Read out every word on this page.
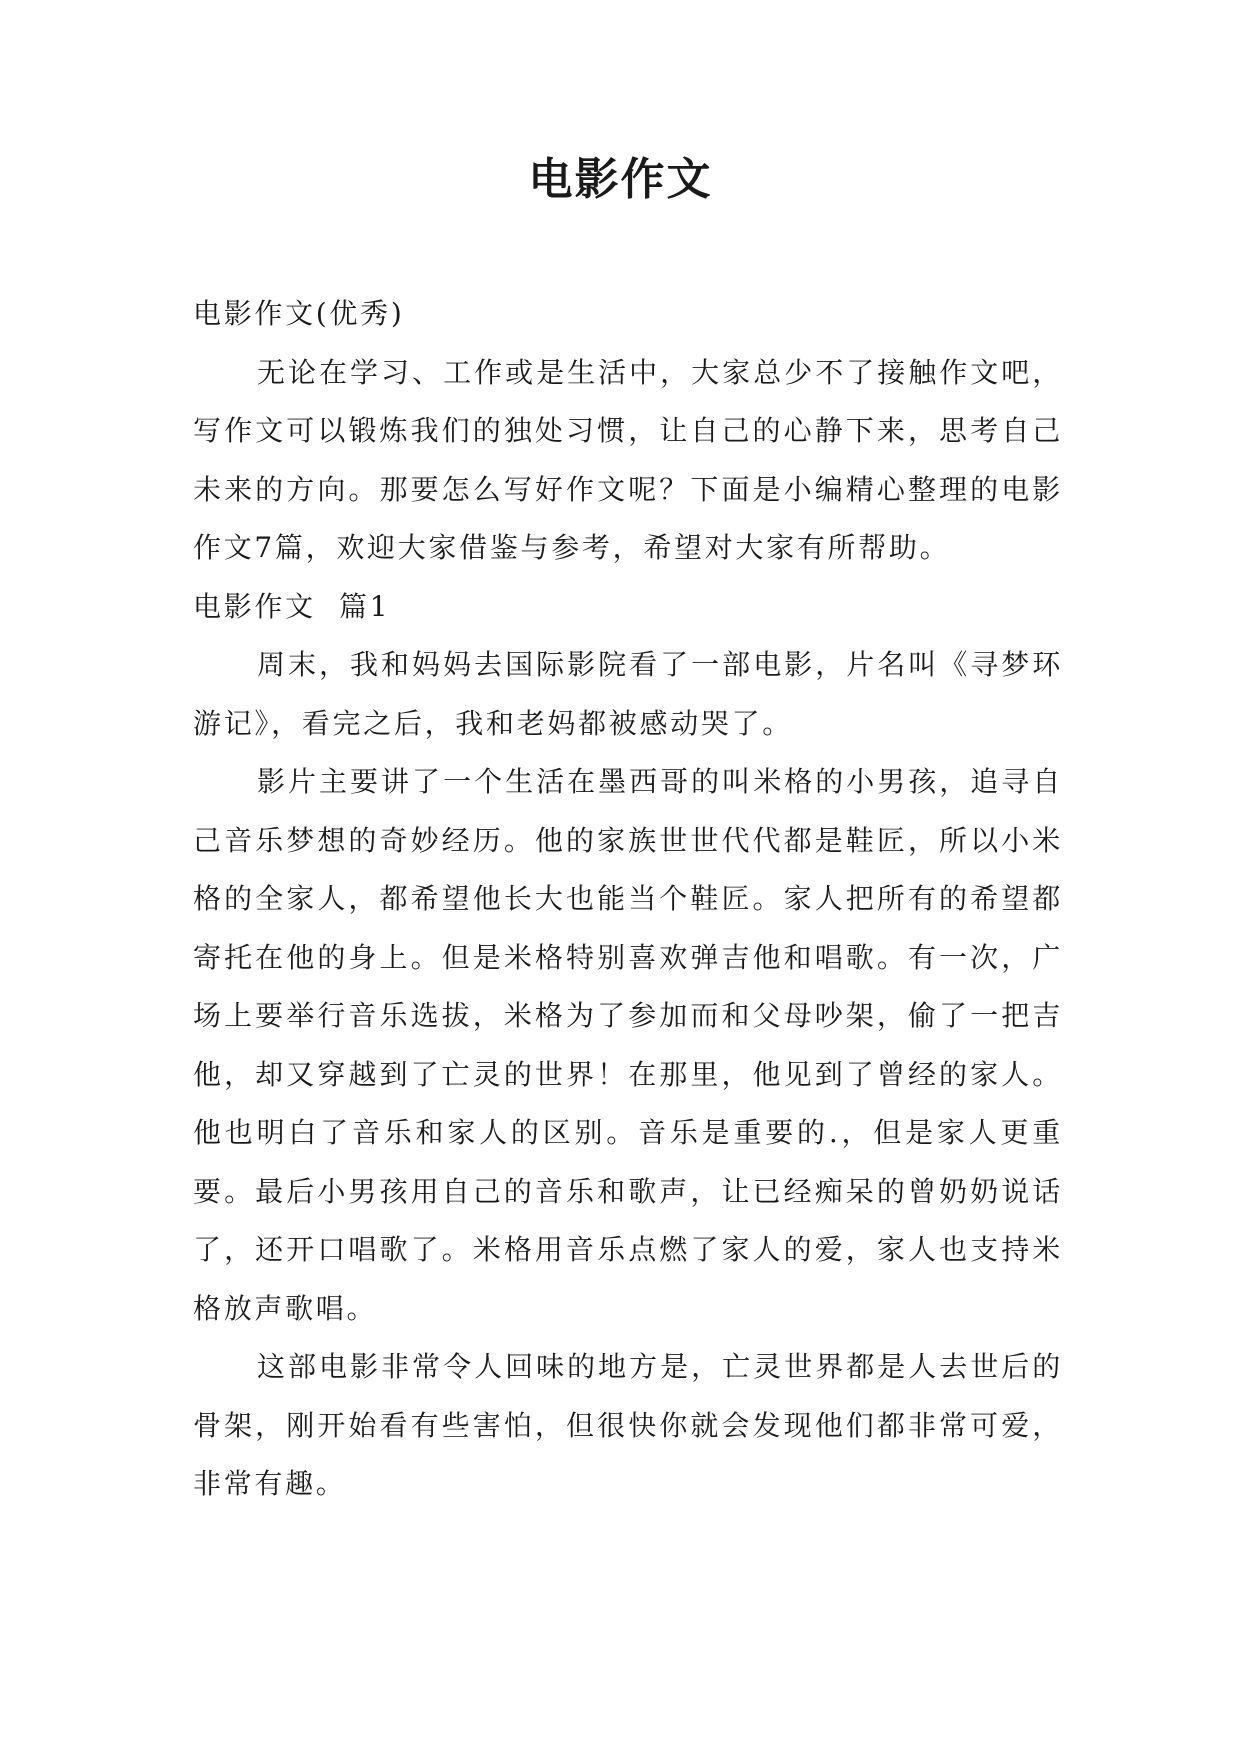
电影作文

电影作文(优秀)

无论在学习、工作或是生活中，大家总少不了接触作文吧，写作文可以锻炼我们的独处习惯，让自己的心静下来，思考自己未来的方向。那要怎么写好作文呢？下面是小编精心整理的电影作文7篇，欢迎大家借鉴与参考，希望对大家有所帮助。

电影作文  篇1

周末，我和妈妈去国际影院看了一部电影，片名叫《寻梦环游记》，看完之后，我和老妈都被感动哭了。

影片主要讲了一个生活在墨西哥的叫米格的小男孩，追寻自己音乐梦想的奇妙经历。他的家族世世代代都是鞋匠，所以小米格的全家人，都希望他长大也能当个鞋匠。家人把所有的希望都寄托在他的身上。但是米格特别喜欢弹吉他和唱歌。有一次，广场上要举行音乐选拔，米格为了参加而和父母吵架，偷了一把吉他，却又穿越到了亡灵的世界！在那里，他见到了曾经的家人。他也明白了音乐和家人的区别。音乐是重要的.，但是家人更重要。最后小男孩用自己的音乐和歌声，让已经痴呆的曾奶奶说话了，还开口唱歌了。米格用音乐点燃了家人的爱，家人也支持米格放声歌唱。

这部电影非常令人回味的地方是，亡灵世界都是人去世后的骨架，刚开始看有些害怕，但很快你就会发现他们都非常可爱，非常有趣。
